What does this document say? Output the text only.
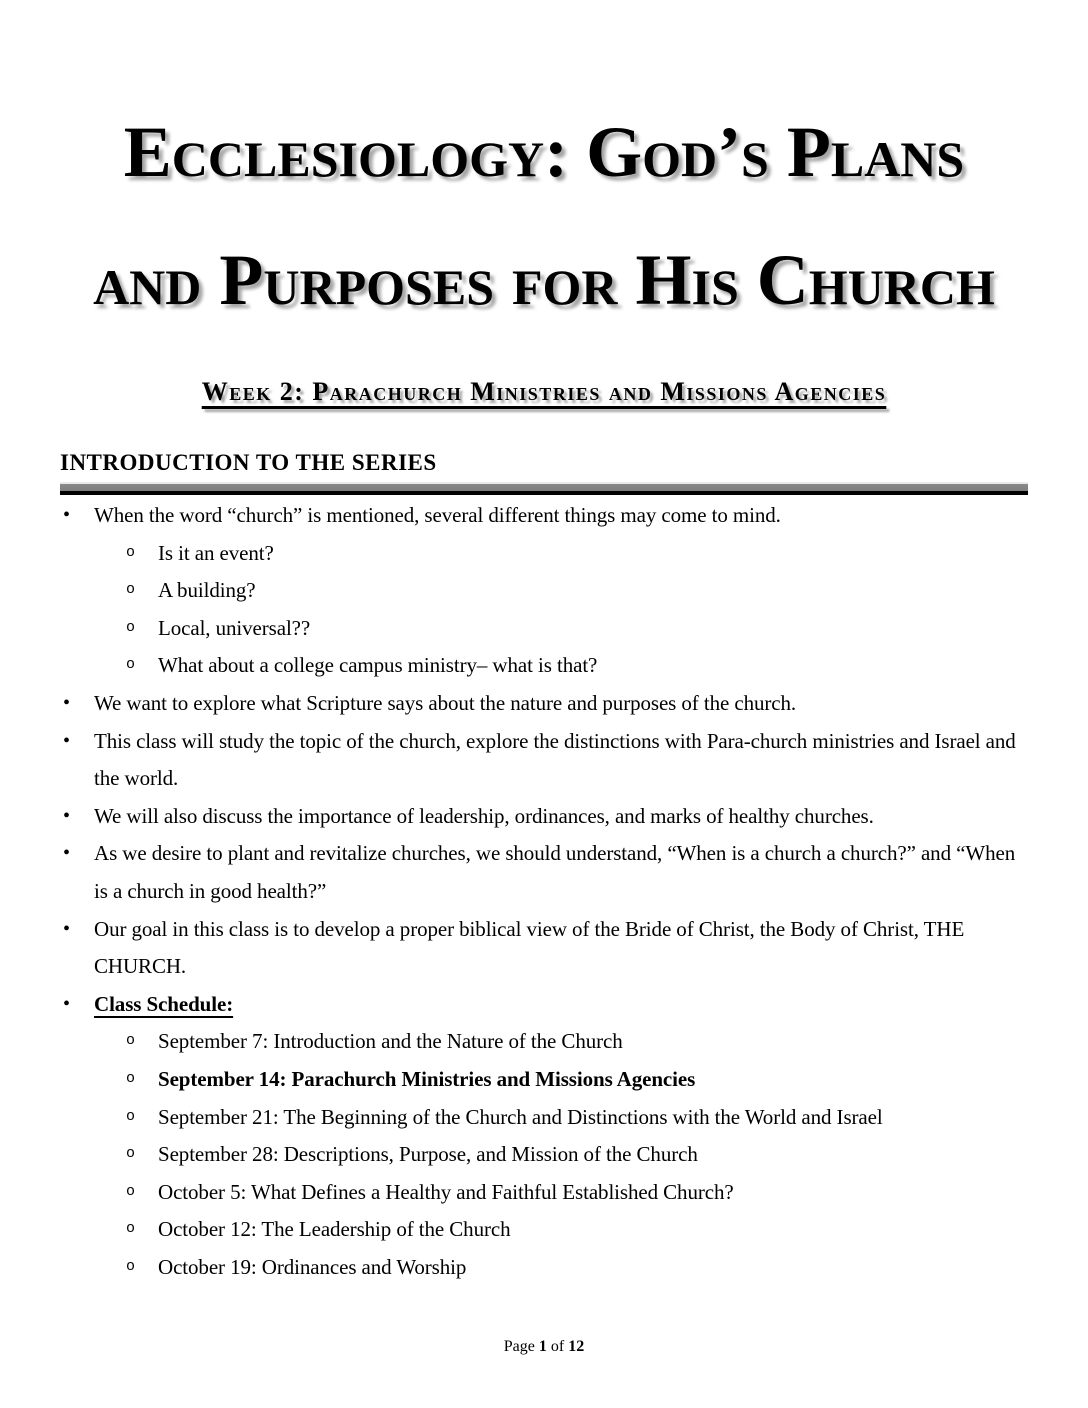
Ecclesiology: God’s Plans
and Purposes for His Church
Week 2: Parachurch Ministries and Missions Agencies
INTRODUCTION TO THE SERIES
• When the word “church” is mentioned, several different things may come to mind.
o Is it an event?
o A building?
o Local, universal??
o What about a college campus ministry– what is that?
• We want to explore what Scripture says about the nature and purposes of the church.
• This class will study the topic of the church, explore the distinctions with Para-church ministries and Israel and the world.
• We will also discuss the importance of leadership, ordinances, and marks of healthy churches.
• As we desire to plant and revitalize churches, we should understand, “When is a church a church?” and “When is a church in good health?”
• Our goal in this class is to develop a proper biblical view of the Bride of Christ, the Body of Christ, THE CHURCH.
• Class Schedule:
o September 7: Introduction and the Nature of the Church
o September 14: Parachurch Ministries and Missions Agencies
o September 21: The Beginning of the Church and Distinctions with the World and Israel
o September 28: Descriptions, Purpose, and Mission of the Church
o October 5: What Defines a Healthy and Faithful Established Church?
o October 12: The Leadership of the Church
o October 19: Ordinances and Worship
Page 1 of 12
